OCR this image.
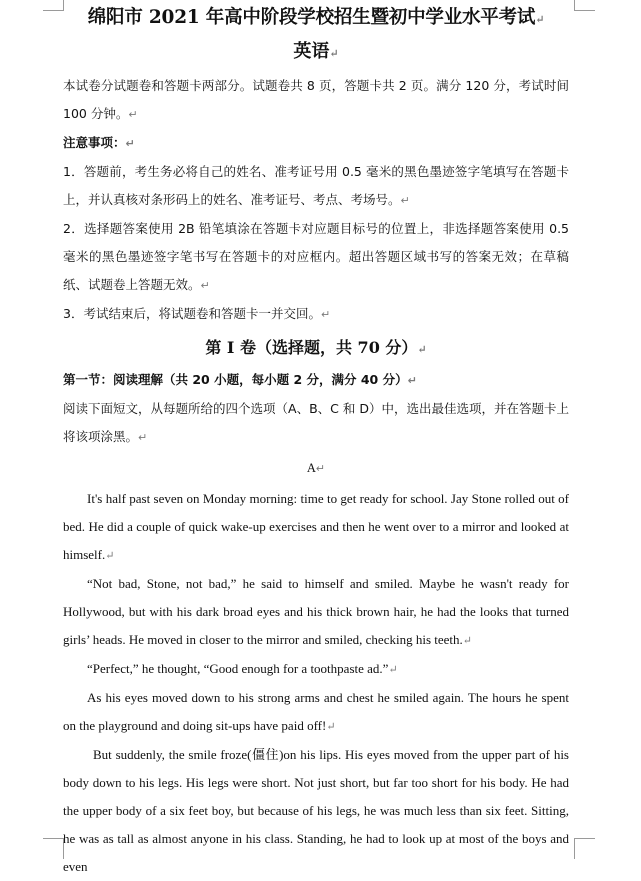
绵阳市 2021 年高中阶段学校招生暨初中学业水平考试↵
英语↵

本试卷分试题卷和答题卡两部分。试题卷共 8 页，答题卡共 2 页。满分 120 分，考试时间 100 分钟。↵

注意事项：↵

1．答题前，考生务必将自己的姓名、准考证号用 0.5 毫米的黑色墨迹签字笔填写在答题卡上，并认真核对条形码上的姓名、准考证号、考点、考场号。↵

2．选择题答案使用 2B 铅笔填涂在答题卡对应题目标号的位置上，非选择题答案使用 0.5 毫米的黑色墨迹签字笔书写在答题卡的对应框内。超出答题区域书写的答案无效；在草稿纸、试题卷上答题无效。↵

3．考试结束后，将试题卷和答题卡一并交回。↵

第 I 卷（选择题，共 70 分）↵

第一节：阅读理解（共 20 小题，每小题 2 分，满分 40 分）↵

阅读下面短文，从每题所给的四个选项（A、B、C 和 D）中，选出最佳选项，并在答题卡上将该项涂黑。↵

A↵

It's half past seven on Monday morning: time to get ready for school. Jay Stone rolled out of bed. He did a couple of quick wake-up exercises and then he went over to a mirror and looked at himself.↵

“Not bad, Stone, not bad,” he said to himself and smiled. Maybe he wasn't ready for Hollywood, but with his dark broad eyes and his thick brown hair, he had the looks that turned girls’ heads. He moved in closer to the mirror and smiled, checking his teeth.↵

“Perfect,” he thought, “Good enough for a toothpaste ad.”↵

As his eyes moved down to his strong arms and chest he smiled again. The hours he spent on the playground and doing sit-ups have paid off!↵

But suddenly, the smile froze(僵住)on his lips. His eyes moved from the upper part of his body down to his legs. His legs were short. Not just short, but far too short for his body. He had the upper body of a six feet boy, but because of his legs, he was much less than six feet. Sitting, he was as tall as almost anyone in his class. Standing, he had to look up at most of the boys and even
